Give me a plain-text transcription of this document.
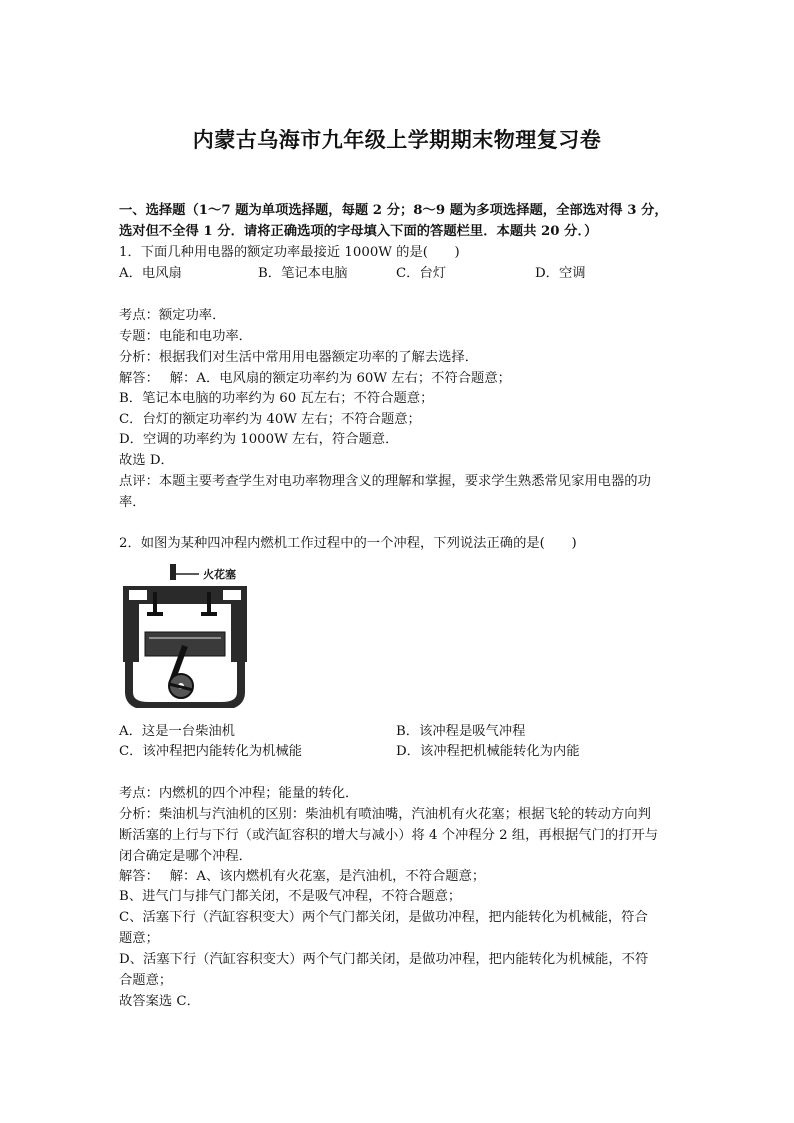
内蒙古乌海市九年级上学期期末物理复习卷
一、选择题（1～7 题为单项选择题，每题 2 分；8～9 题为多项选择题，全部选对得 3 分，
选对但不全得 1 分．请将正确选项的字母填入下面的答题栏里．本题共 20 分．）
1．下面几种用电器的额定功率最接近 1000W 的是(　　)
A．电风扇	B．笔记本电脑	C．台灯	D．空调
考点：额定功率．
专题：电能和电功率．
分析：根据我们对生活中常用用电器额定功率的了解去选择．
解答：　 解：A．电风扇的额定功率约为 60W 左右；不符合题意；
B．笔记本电脑的功率约为 60 瓦左右；不符合题意；
C．台灯的额定功率约为 40W 左右；不符合题意；
D．空调的功率约为 1000W 左右，符合题意．
故选 D．
点评：本题主要考查学生对电功率物理含义的理解和掌握，要求学生熟悉常见家用电器的功
率．
2．如图为某种四冲程内燃机工作过程中的一个冲程，下列说法正确的是(　　)
火花塞
A．这是一台柴油机	B．该冲程是吸气冲程
C．该冲程把内能转化为机械能	D．该冲程把机械能转化为内能
考点：内燃机的四个冲程；能量的转化．
分析：柴油机与汽油机的区别：柴油机有喷油嘴，汽油机有火花塞；根据飞轮的转动方向判
断活塞的上行与下行（或汽缸容积的增大与减小）将 4 个冲程分 2 组，再根据气门的打开与
闭合确定是哪个冲程．
解答：　 解：A、该内燃机有火花塞，是汽油机，不符合题意；
B、进气门与排气门都关闭，不是吸气冲程，不符合题意；
C、活塞下行（汽缸容积变大）两个气门都关闭，是做功冲程，把内能转化为机械能，符合
题意；
D、活塞下行（汽缸容积变大）两个气门都关闭，是做功冲程，把内能转化为机械能，不符
合题意；
故答案选 C．
